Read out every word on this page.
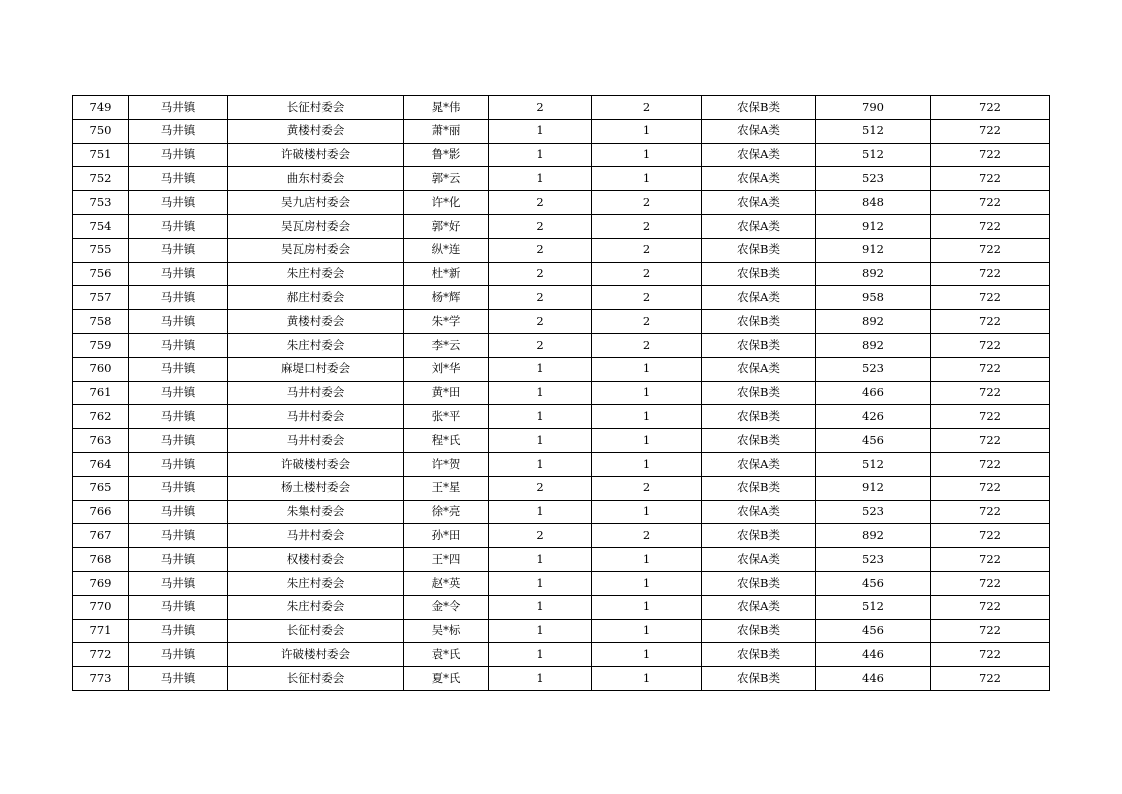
749	马井镇	长征村委会	晁*伟	2	2	农保B类	790	722
750	马井镇	黄楼村委会	萧*丽	1	1	农保A类	512	722
751	马井镇	许破楼村委会	鲁*影	1	1	农保A类	512	722
752	马井镇	曲东村委会	郭*云	1	1	农保A类	523	722
753	马井镇	吴九店村委会	许*化	2	2	农保A类	848	722
754	马井镇	吴瓦房村委会	郭*好	2	2	农保A类	912	722
755	马井镇	吴瓦房村委会	纵*连	2	2	农保B类	912	722
756	马井镇	朱庄村委会	杜*新	2	2	农保B类	892	722
757	马井镇	郝庄村委会	杨*辉	2	2	农保A类	958	722
758	马井镇	黄楼村委会	朱*学	2	2	农保B类	892	722
759	马井镇	朱庄村委会	李*云	2	2	农保B类	892	722
760	马井镇	麻堤口村委会	刘*华	1	1	农保A类	523	722
761	马井镇	马井村委会	黄*田	1	1	农保B类	466	722
762	马井镇	马井村委会	张*平	1	1	农保B类	426	722
763	马井镇	马井村委会	程*氏	1	1	农保B类	456	722
764	马井镇	许破楼村委会	许*贺	1	1	农保A类	512	722
765	马井镇	杨土楼村委会	王*星	2	2	农保B类	912	722
766	马井镇	朱集村委会	徐*亮	1	1	农保A类	523	722
767	马井镇	马井村委会	孙*田	2	2	农保B类	892	722
768	马井镇	权楼村委会	王*四	1	1	农保A类	523	722
769	马井镇	朱庄村委会	赵*英	1	1	农保B类	456	722
770	马井镇	朱庄村委会	金*令	1	1	农保A类	512	722
771	马井镇	长征村委会	吴*标	1	1	农保B类	456	722
772	马井镇	许破楼村委会	袁*氏	1	1	农保B类	446	722
773	马井镇	长征村委会	夏*氏	1	1	农保B类	446	722
